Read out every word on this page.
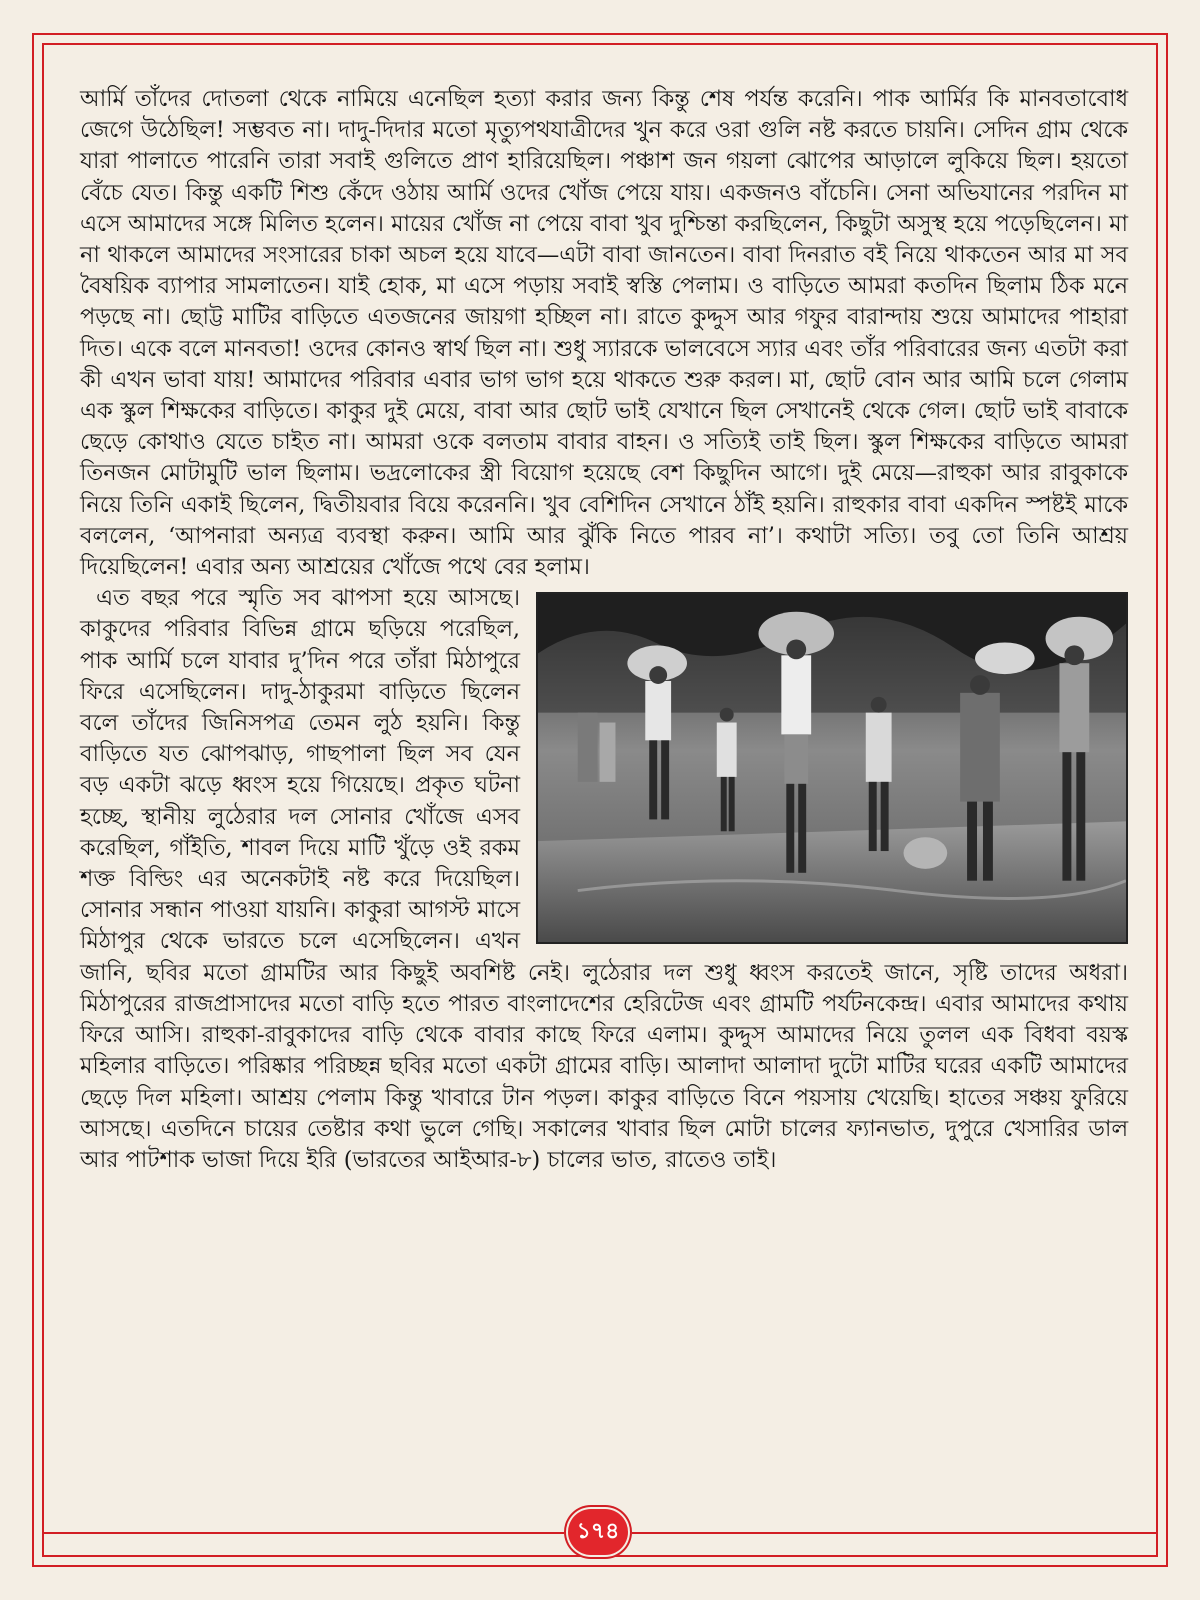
আর্মি তাঁদের দোতলা থেকে নামিয়ে এনেছিল হত্যা করার জন্য কিন্তু শেষ পর্যন্ত করেনি। পাক আর্মির কি মানবতাবোধ জেগে উঠেছিল! সম্ভবত না। দাদু-দিদার মতো মৃত্যুপথযাত্রীদের খুন করে ওরা গুলি নষ্ট করতে চায়নি। সেদিন গ্রাম থেকে যারা পালাতে পারেনি তারা সবাই গুলিতে প্রাণ হারিয়েছিল। পঞ্চাশ জন গয়লা ঝোপের আড়ালে লুকিয়ে ছিল। হয়তো বেঁচে যেত। কিন্তু একটি শিশু কেঁদে ওঠায় আর্মি ওদের খোঁজ পেয়ে যায়। একজনও বাঁচেনি। সেনা অভিযানের পরদিন মা এসে আমাদের সঙ্গে মিলিত হলেন। মায়ের খোঁজ না পেয়ে বাবা খুব দুশ্চিন্তা করছিলেন, কিছুটা অসুস্থ হয়ে পড়েছিলেন। মা না থাকলে আমাদের সংসারের চাকা অচল হয়ে যাবে—এটা বাবা জানতেন। বাবা দিনরাত বই নিয়ে থাকতেন আর মা সব বৈষয়িক ব্যাপার সামলাতেন। যাই হোক, মা এসে পড়ায় সবাই স্বস্তি পেলাম। ও বাড়িতে আমরা কতদিন ছিলাম ঠিক মনে পড়ছে না। ছোট্ট মাটির বাড়িতে এতজনের জায়গা হচ্ছিল না। রাতে কুদ্দুস আর গফুর বারান্দায় শুয়ে আমাদের পাহারা দিত। একে বলে মানবতা! ওদের কোনও স্বার্থ ছিল না। শুধু স্যারকে ভালবেসে স্যার এবং তাঁর পরিবারের জন্য এতটা করা কী এখন ভাবা যায়! আমাদের পরিবার এবার ভাগ ভাগ হয়ে থাকতে শুরু করল। মা, ছোট বোন আর আমি চলে গেলাম এক স্কুল শিক্ষকের বাড়িতে। কাকুর দুই মেয়ে, বাবা আর ছোট ভাই যেখানে ছিল সেখানেই থেকে গেল। ছোট ভাই বাবাকে ছেড়ে কোথাও যেতে চাইত না। আমরা ওকে বলতাম বাবার বাহন। ও সত্যিই তাই ছিল। স্কুল শিক্ষকের বাড়িতে আমরা তিনজন মোটামুটি ভাল ছিলাম। ভদ্রলোকের স্ত্রী বিয়োগ হয়েছে বেশ কিছুদিন আগে। দুই মেয়ে—রাহুকা আর রাবুকাকে নিয়ে তিনি একাই ছিলেন, দ্বিতীয়বার বিয়ে করেননি। খুব বেশিদিন সেখানে ঠাঁই হয়নি। রাহুকার বাবা একদিন স্পষ্টই মাকে বললেন, ‘আপনারা অন্যত্র ব্যবস্থা করুন। আমি আর ঝুঁকি নিতে পারব না’। কথাটা সত্যি। তবু তো তিনি আশ্রয় দিয়েছিলেন! এবার অন্য আশ্রয়ের খোঁজে পথে বের হলাম।

এত বছর পরে স্মৃতি সব ঝাপসা হয়ে আসছে। কাকুদের পরিবার বিভিন্ন গ্রামে ছড়িয়ে পরেছিল, পাক আর্মি চলে যাবার দু’দিন পরে তাঁরা মিঠাপুরে ফিরে এসেছিলেন। দাদু-ঠাকুরমা বাড়িতে ছিলেন বলে তাঁদের জিনিসপত্র তেমন লুঠ হয়নি। কিন্তু বাড়িতে যত ঝোপঝাড়, গাছপালা ছিল সব যেন বড় একটা ঝড়ে ধ্বংস হয়ে গিয়েছে। প্রকৃত ঘটনা হচ্ছে, স্থানীয় লুঠেরার দল সোনার খোঁজে এসব করেছিল, গাঁইতি, শাবল দিয়ে মাটি খুঁড়ে ওই রকম শক্ত বিল্ডিং এর অনেকটাই নষ্ট করে দিয়েছিল। সোনার সন্ধান পাওয়া যায়নি। কাকুরা আগস্ট মাসে মিঠাপুর থেকে ভারতে চলে এসেছিলেন। এখন জানি, ছবির মতো গ্রামটির আর কিছুই অবশিষ্ট নেই। লুঠেরার দল শুধু ধ্বংস করতেই জানে, সৃষ্টি তাদের অধরা। মিঠাপুরের রাজপ্রাসাদের মতো বাড়ি হতে পারত বাংলাদেশের হেরিটেজ এবং গ্রামটি পর্যটনকেন্দ্র। এবার আমাদের কথায় ফিরে আসি। রাহুকা-রাবুকাদের বাড়ি থেকে বাবার কাছে ফিরে এলাম। কুদ্দুস আমাদের নিয়ে তুলল এক বিধবা বয়স্ক মহিলার বাড়িতে। পরিষ্কার পরিচ্ছন্ন ছবির মতো একটা গ্রামের বাড়ি। আলাদা আলাদা দুটো মাটির ঘরের একটি আমাদের ছেড়ে দিল মহিলা। আশ্রয় পেলাম কিন্তু খাবারে টান পড়ল। কাকুর বাড়িতে বিনে পয়সায় খেয়েছি। হাতের সঞ্চয় ফুরিয়ে আসছে। এতদিনে চায়ের তেষ্টার কথা ভুলে গেছি। সকালের খাবার ছিল মোটা চালের ফ্যানভাত, দুপুরে খেসারির ডাল আর পাটশাক ভাজা দিয়ে ইরি (ভারতের আইআর-৮) চালের ভাত, রাতেও তাই।

১৭৪
